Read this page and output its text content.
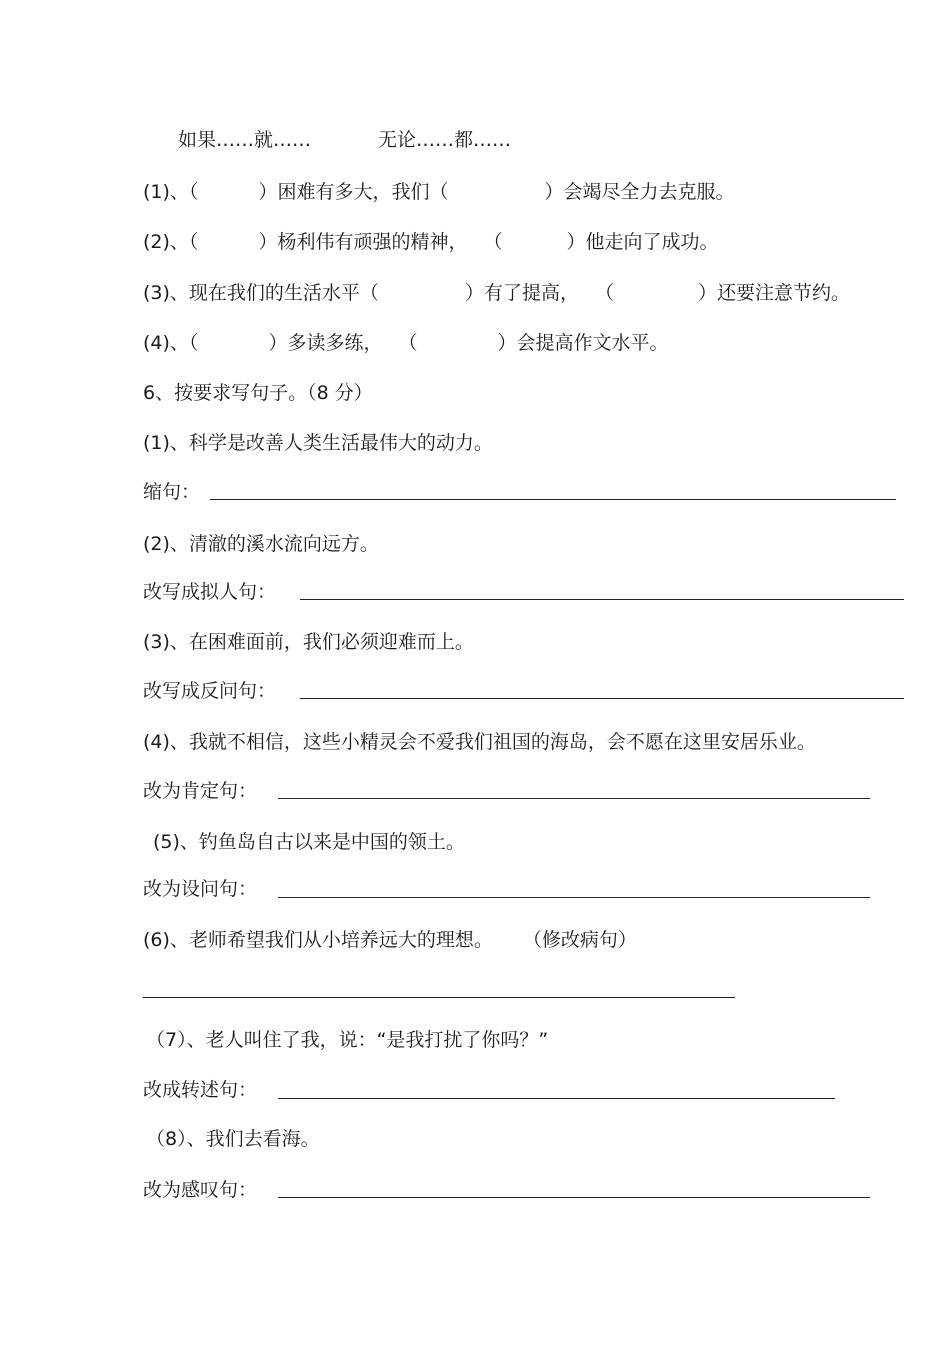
如果……就……	无论……都……
(1)、（	）困难有多大，我们（	）会竭尽全力去克服。
(2)、（	）杨利伟有顽强的精神， （	）他走向了成功。
(3)、现在我们的生活水平（	）有了提高， （	）还要注意节约。
(4)、（	）多读多练， （	）会提高作文水平。
6、按要求写句子。（8 分）
(1)、科学是改善人类生活最伟大的动力。
缩句：
(2)、清澈的溪水流向远方。
改写成拟人句：
(3)、在困难面前，我们必须迎难而上。
改写成反问句：
(4)、我就不相信，这些小精灵会不爱我们祖国的海岛，会不愿在这里安居乐业。
改为肯定句：
(5)、钓鱼岛自古以来是中国的领土。
改为设问句：
(6)、老师希望我们从小培养远大的理想。 （修改病句）
（7）、老人叫住了我，说：“是我打扰了你吗？”
改成转述句：
（8）、我们去看海。
改为感叹句：
